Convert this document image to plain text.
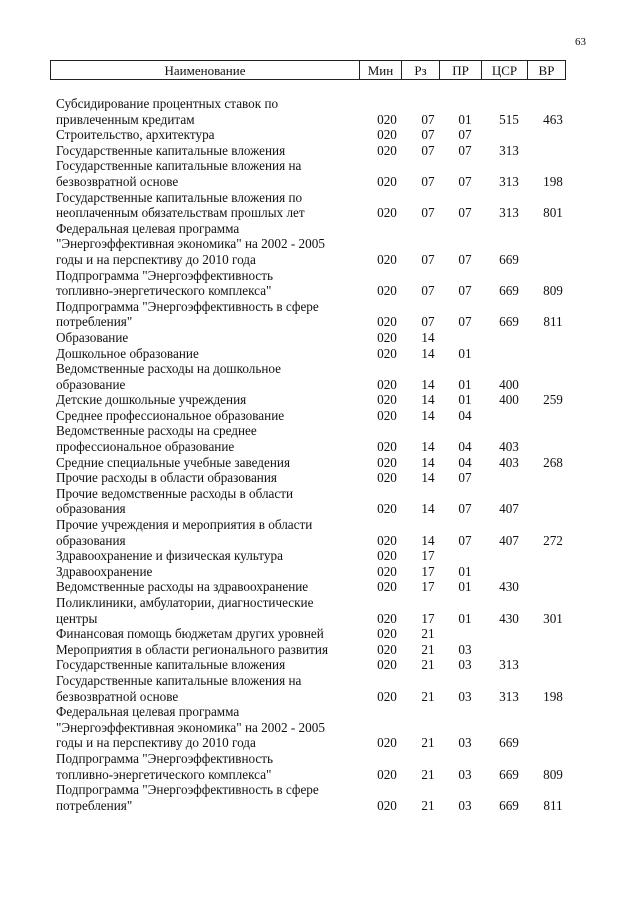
63
Наименование	Мин	Рз	ПР	ЦСР	ВР
Субсидирование процентных ставок по
привлеченным кредитам	020	07	01	515	463
Строительство, архитектура	020	07	07
Государственные капитальные вложения	020	07	07	313
Государственные капитальные вложения на
безвозвратной основе	020	07	07	313	198
Государственные капитальные вложения по
неоплаченным обязательствам прошлых лет	020	07	07	313	801
Федеральная целевая программа
"Энергоэффективная экономика" на 2002 - 2005
годы и на перспективу до 2010 года	020	07	07	669
Подпрограмма "Энергоэффективность
топливно-энергетического комплекса"	020	07	07	669	809
Подпрограмма "Энергоэффективность в сфере
потребления"	020	07	07	669	811
Образование	020	14
Дошкольное образование	020	14	01
Ведомственные расходы на дошкольное
образование	020	14	01	400
Детские дошкольные учреждения	020	14	01	400	259
Среднее профессиональное образование	020	14	04
Ведомственные расходы на среднее
профессиональное образование	020	14	04	403
Средние специальные учебные заведения	020	14	04	403	268
Прочие расходы в области образования	020	14	07
Прочие ведомственные расходы в области
образования	020	14	07	407
Прочие учреждения и мероприятия в области
образования	020	14	07	407	272
Здравоохранение и физическая культура	020	17
Здравоохранение	020	17	01
Ведомственные расходы на здравоохранение	020	17	01	430
Поликлиники, амбулатории, диагностические
центры	020	17	01	430	301
Финансовая помощь бюджетам других уровней	020	21
Мероприятия в области регионального развития	020	21	03
Государственные капитальные вложения	020	21	03	313
Государственные капитальные вложения на
безвозвратной основе	020	21	03	313	198
Федеральная целевая программа
"Энергоэффективная экономика" на 2002 - 2005
годы и на перспективу до 2010 года	020	21	03	669
Подпрограмма "Энергоэффективность
топливно-энергетического комплекса"	020	21	03	669	809
Подпрограмма "Энергоэффективность в сфере
потребления"	020	21	03	669	811
